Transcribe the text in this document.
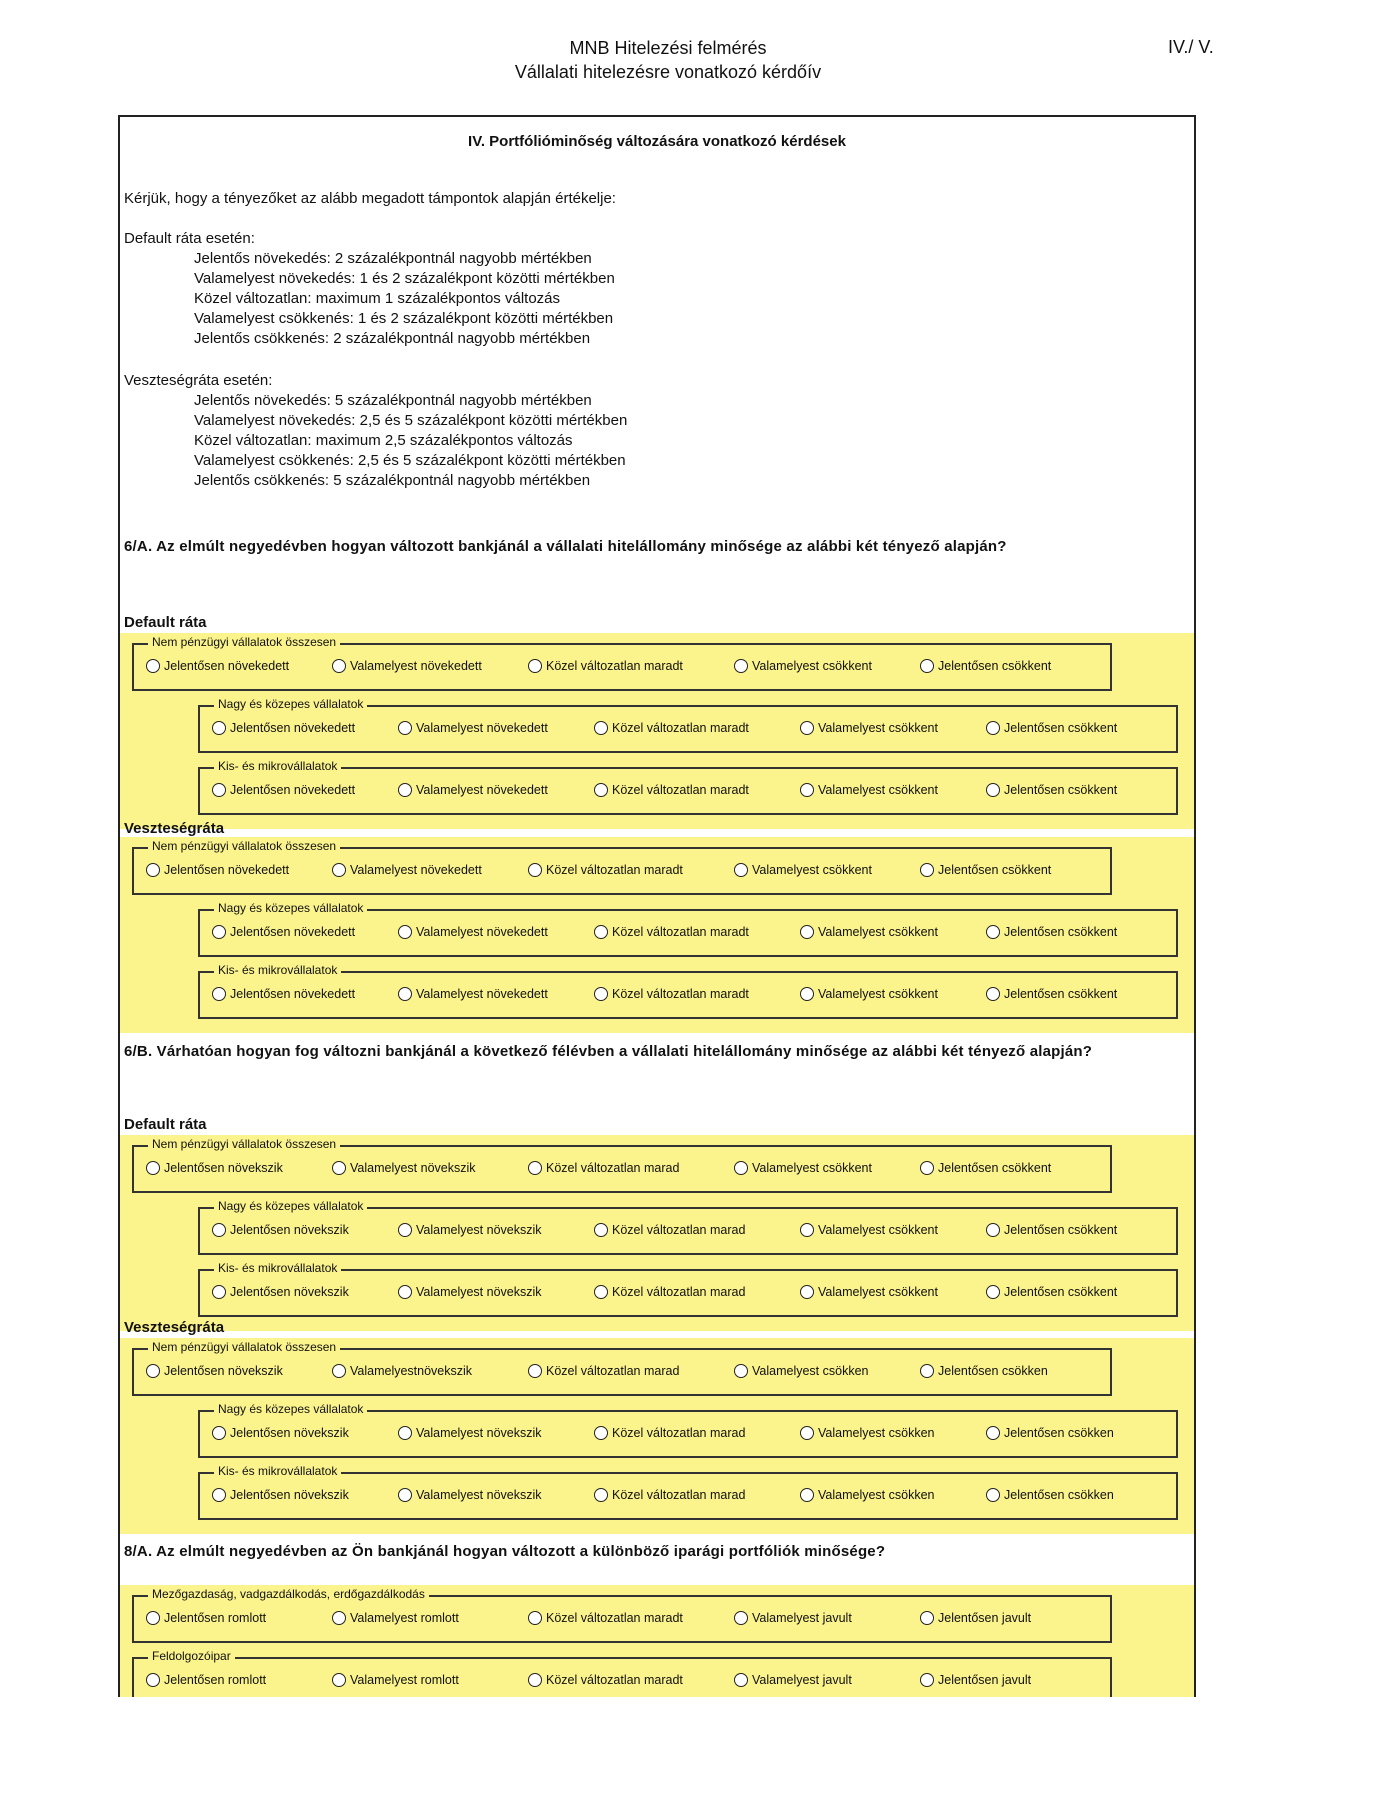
MNB Hitelezési felmérés
Vállalati hitelezésre vonatkozó kérdőív
IV./ V.
IV. Portfólióminőség változására vonatkozó kérdések
Kérjük, hogy a tényezőket az alább megadott támpontok alapján értékelje:
Default ráta esetén:
Jelentős növekedés: 2 százalékpontnál nagyobb mértékben
Valamelyest növekedés: 1 és 2 százalékpont közötti mértékben
Közel változatlan: maximum 1 százalékpontos változás
Valamelyest csökkenés: 1 és 2 százalékpont közötti mértékben
Jelentős csökkenés: 2 százalékpontnál nagyobb mértékben
Veszteségráta esetén:
Jelentős növekedés: 5 százalékpontnál nagyobb mértékben
Valamelyest növekedés: 2,5 és 5 százalékpont közötti mértékben
Közel változatlan: maximum 2,5 százalékpontos változás
Valamelyest csökkenés: 2,5 és 5 százalékpont közötti mértékben
Jelentős csökkenés: 5 százalékpontnál nagyobb mértékben
6/A. Az elmúlt negyedévben hogyan változott bankjánál a vállalati hitelállomány minősége az alábbi két tényező alapján?
Default ráta
Nem pénzügyi vállalatok összesen
Jelentősen növekedett	Valamelyest növekedett	Közel változatlan maradt	Valamelyest csökkent	Jelentősen csökkent
Nagy és közepes vállalatok
Jelentősen növekedett	Valamelyest növekedett	Közel változatlan maradt	Valamelyest csökkent	Jelentősen csökkent
Kis- és mikrovállalatok
Jelentősen növekedett	Valamelyest növekedett	Közel változatlan maradt	Valamelyest csökkent	Jelentősen csökkent
Veszteségráta
Nem pénzügyi vállalatok összesen
Jelentősen növekedett	Valamelyest növekedett	Közel változatlan maradt	Valamelyest csökkent	Jelentősen csökkent
Nagy és közepes vállalatok
Jelentősen növekedett	Valamelyest növekedett	Közel változatlan maradt	Valamelyest csökkent	Jelentősen csökkent
Kis- és mikrovállalatok
Jelentősen növekedett	Valamelyest növekedett	Közel változatlan maradt	Valamelyest csökkent	Jelentősen csökkent
6/B. Várhatóan hogyan fog változni bankjánál a következő félévben a vállalati hitelállomány minősége az alábbi két tényező alapján?
Default ráta
Nem pénzügyi vállalatok összesen
Jelentősen növekszik	Valamelyest növekszik	Közel változatlan marad	Valamelyest csökkent	Jelentősen csökkent
Nagy és közepes vállalatok
Jelentősen növekszik	Valamelyest növekszik	Közel változatlan marad	Valamelyest csökkent	Jelentősen csökkent
Kis- és mikrovállalatok
Jelentősen növekszik	Valamelyest növekszik	Közel változatlan marad	Valamelyest csökkent	Jelentősen csökkent
Veszteségráta
Nem pénzügyi vállalatok összesen
Jelentősen növekszik	Valamelyestnövekszik	Közel változatlan marad	Valamelyest csökken	Jelentősen csökken
Nagy és közepes vállalatok
Jelentősen növekszik	Valamelyest növekszik	Közel változatlan marad	Valamelyest csökken	Jelentősen csökken
Kis- és mikrovállalatok
Jelentősen növekszik	Valamelyest növekszik	Közel változatlan marad	Valamelyest csökken	Jelentősen csökken
8/A. Az elmúlt negyedévben az Ön bankjánál hogyan változott a különböző iparági portfóliók minősége?
Mezőgazdaság, vadgazdálkodás, erdőgazdálkodás
Jelentősen romlott	Valamelyest romlott	Közel változatlan maradt	Valamelyest javult	Jelentősen javult
Feldolgozóipar
Jelentősen romlott	Valamelyest romlott	Közel változatlan maradt	Valamelyest javult	Jelentősen javult
